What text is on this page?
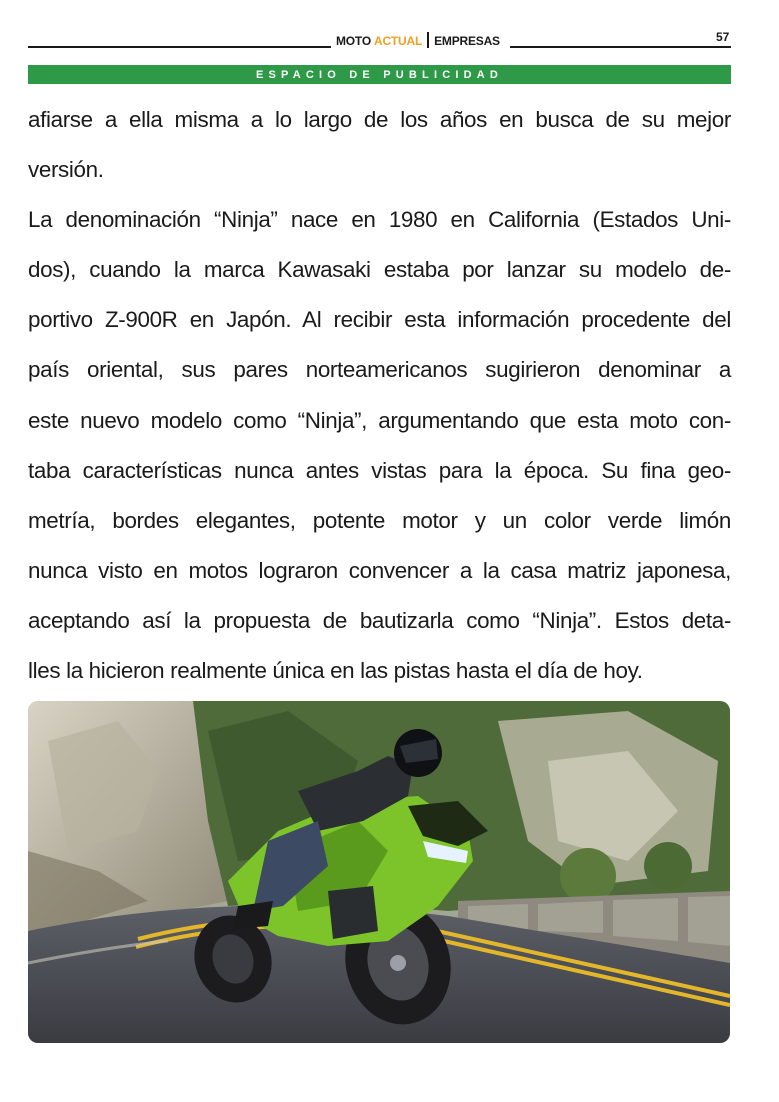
MOTO ACTUAL EMPRESAS	57
ESPACIO DE PUBLICIDAD
afiarse a ella misma a lo largo de los años en busca de su mejor
versión.
La denominación “Ninja” nace en 1980 en California (Estados Uni-
dos), cuando la marca Kawasaki estaba por lanzar su modelo de-
portivo Z-900R en Japón. Al recibir esta información procedente del
país oriental, sus pares norteamericanos sugirieron denominar a
este nuevo modelo como “Ninja”, argumentando que esta moto con-
taba características nunca antes vistas para la época. Su fina geo-
metría, bordes elegantes, potente motor y un color verde limón
nunca visto en motos lograron convencer a la casa matriz japonesa,
aceptando así la propuesta de bautizarla como “Ninja”. Estos deta-
lles la hicieron realmente única en las pistas hasta el día de hoy.
